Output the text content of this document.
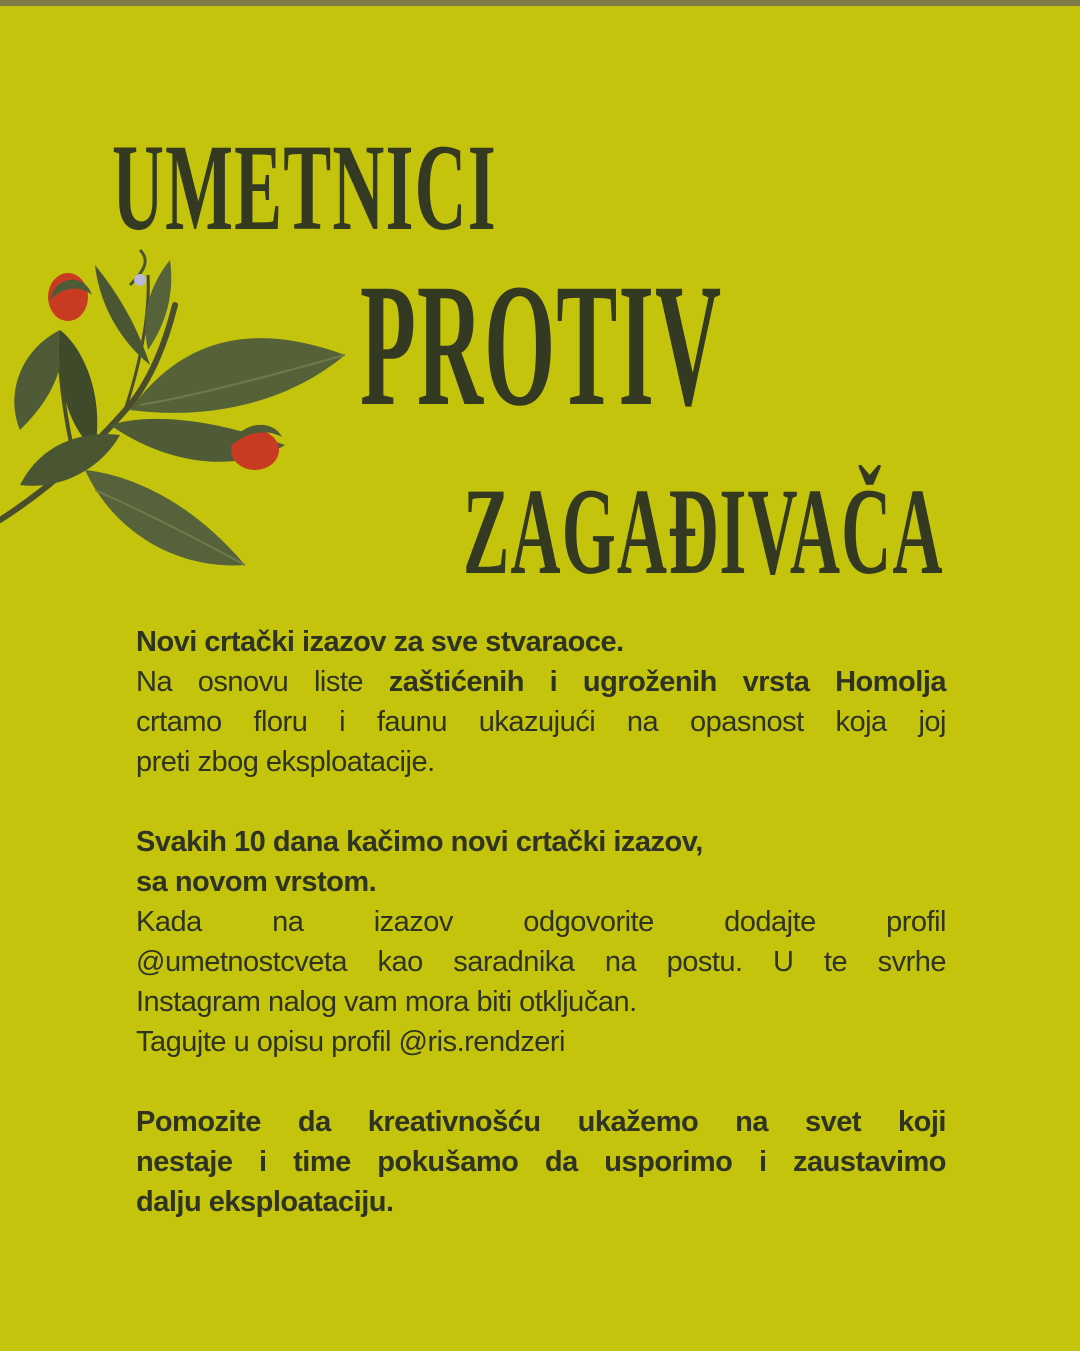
UMETNICI
PROTIV
ZAGAĐIVAČA

Novi crtački izazov za sve stvaraoce.
Na osnovu liste zaštićenih i ugroženih vrsta Homolja
crtamo floru i faunu ukazujući na opasnost koja joj
preti zbog eksploatacije.

Svakih 10 dana kačimo novi crtački izazov,
sa novom vrstom.
Kada na izazov odgovorite dodajte profil
@umetnostcveta kao saradnika na postu. U te svrhe
Instagram nalog vam mora biti otključan.
Tagujte u opisu profil @ris.rendzeri

Pomozite da kreativnošću ukažemo na svet koji
nestaje i time pokušamo da usporimo i zaustavimo
dalju eksploataciju.
